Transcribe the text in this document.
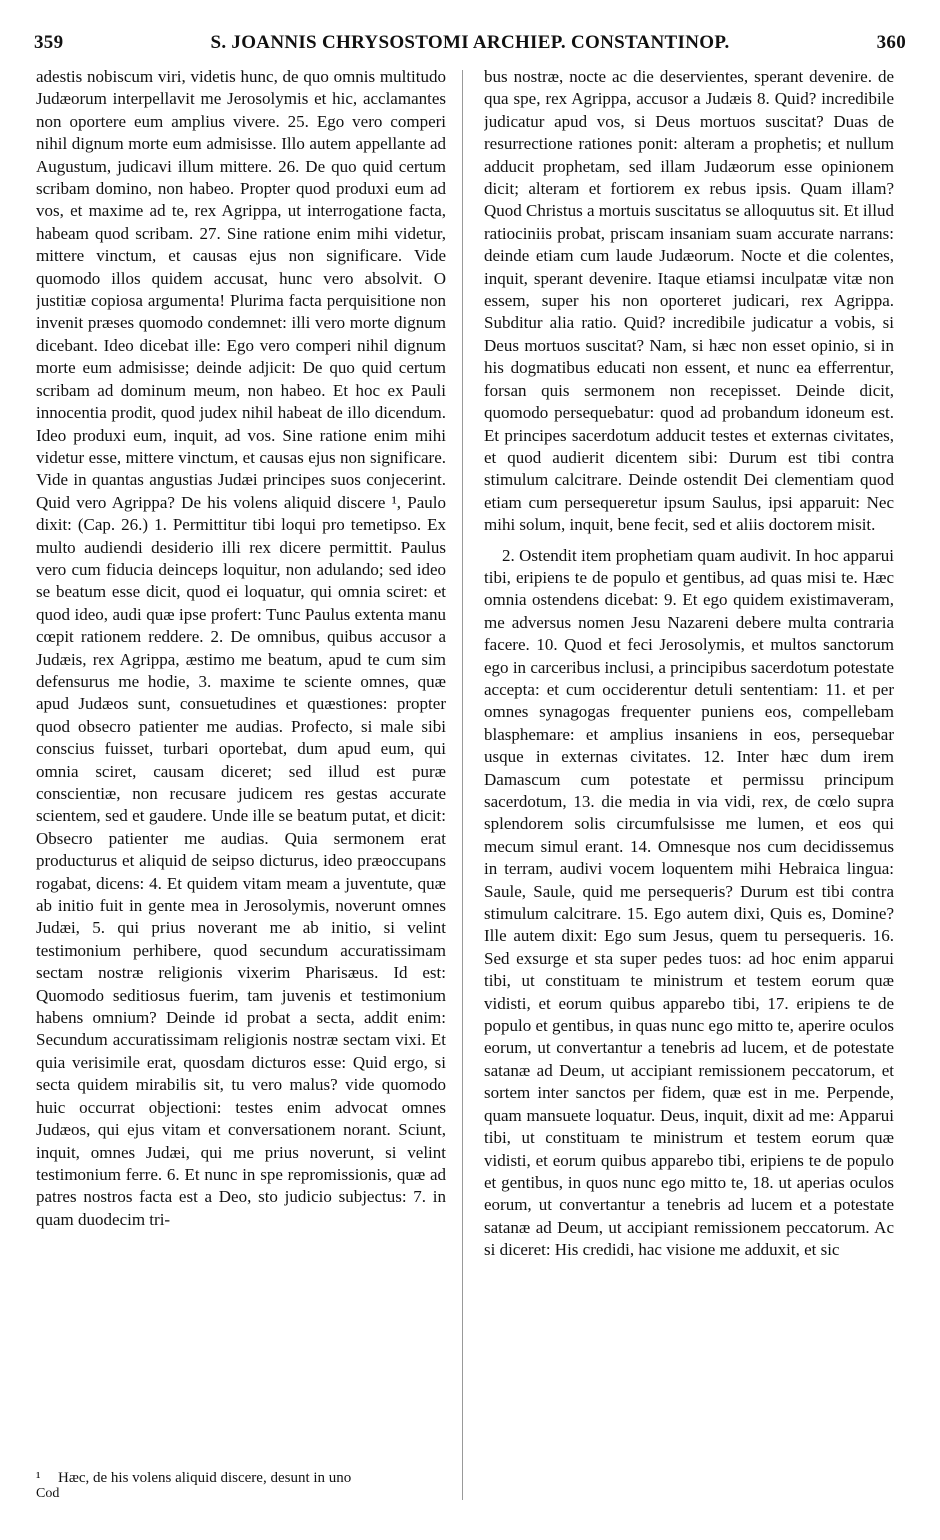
359	S. JOANNIS CHRYSOSTOMI ARCHIEP. CONSTANTINOP.	360

adestis nobiscum viri, videtis hunc, de quo omnis multitudo Judæorum interpellavit me Jerosolymis et hic, acclamantes non oportere eum amplius vivere. 25. Ego vero comperi nihil dignum morte eum admisisse. Illo autem appellante ad Augustum, judicavi illum mittere. 26. De quo quid certum scribam domino, non habeo. Propter quod produxi eum ad vos, et maxime ad te, rex Agrippa, ut interrogatione facta, habeam quod scribam. 27. Sine ratione enim mihi videtur, mittere vinctum, et causas ejus non significare. Vide quomodo illos quidem accusat, hunc vero absolvit. O justitiæ copiosa argumenta! Plurima facta perquisitione non invenit præses quomodo condemnet: illi vero morte dignum dicebant. Ideo dicebat ille: Ego vero comperi nihil dignum morte eum admisisse; deinde adjicit: De quo quid certum scribam ad dominum meum, non habeo. Et hoc ex Pauli innocentia prodit, quod judex nihil habeat de illo dicendum. Ideo produxi eum, inquit, ad vos. Sine ratione enim mihi videtur esse, mittere vinctum, et causas ejus non significare. Vide in quantas angustias Judæi principes suos conjecerint. Quid vero Agrippa? De his volens aliquid discere ¹, Paulo dixit: (Cap. 26.) 1. Permittitur tibi loqui pro temetipso. Ex multo audiendi desiderio illi rex dicere permittit. Paulus vero cum fiducia deinceps loquitur, non adulando; sed ideo se beatum esse dicit, quod ei loquatur, qui omnia sciret: et quod ideo, audi quæ ipse profert: Tunc Paulus extenta manu cœpit rationem reddere. 2. De omnibus, quibus accusor a Judæis, rex Agrippa, æstimo me beatum, apud te cum sim defensurus me hodie, 3. maxime te sciente omnes, quæ apud Judæos sunt, consuetudines et quæstiones: propter quod obsecro patienter me audias. Profecto, si male sibi conscius fuisset, turbari oportebat, dum apud eum, qui omnia sciret, causam diceret; sed illud est puræ conscientiæ, non recusare judicem res gestas accurate scientem, sed et gaudere. Unde ille se beatum putat, et dicit: Obsecro patienter me audias. Quia sermonem erat producturus et aliquid de seipso dicturus, ideo præoccupans rogabat, dicens: 4. Et quidem vitam meam a juventute, quæ ab initio fuit in gente mea in Jerosolymis, noverunt omnes Judæi, 5. qui prius noverant me ab initio, si velint testimonium perhibere, quod secundum accuratissimam sectam nostræ religionis vixerim Pharisæus. Id est: Quomodo seditiosus fuerim, tam juvenis et testimonium habens omnium? Deinde id probat a secta, addit enim: Secundum accuratissimam religionis nostræ sectam vixi. Et quia verisimile erat, quosdam dicturos esse: Quid ergo, si secta quidem mirabilis sit, tu vero malus? vide quomodo huic occurrat objectioni: testes enim advocat omnes Judæos, qui ejus vitam et conversationem norant. Sciunt, inquit, omnes Judæi, qui me prius noverunt, si velint testimonium ferre. 6. Et nunc in spe repromissionis, quæ ad patres nostros facta est a Deo, sto judicio subjectus: 7. in quam duodecim tri-

bus nostræ, nocte ac die deservientes, sperant devenire. de qua spe, rex Agrippa, accusor a Judæis 8. Quid? incredibile judicatur apud vos, si Deus mortuos suscitat? Duas de resurrectione rationes ponit: alteram a prophetis; et nullum adducit prophetam, sed illam Judæorum esse opinionem dicit; alteram et fortiorem ex rebus ipsis. Quam illam? Quod Christus a mortuis suscitatus se alloquutus sit. Et illud ratiociniis probat, priscam insaniam suam accurate narrans: deinde etiam cum laude Judæorum. Nocte et die colentes, inquit, sperant devenire. Itaque etiamsi inculpatæ vitæ non essem, super his non oporteret judicari, rex Agrippa. Subditur alia ratio. Quid? incredibile judicatur a vobis, si Deus mortuos suscitat? Nam, si hæc non esset opinio, si in his dogmatibus educati non essent, et nunc ea efferrentur, forsan quis sermonem non recepisset. Deinde dicit, quomodo persequebatur: quod ad probandum idoneum est. Et principes sacerdotum adducit testes et externas civitates, et quod audierit dicentem sibi: Durum est tibi contra stimulum calcitrare. Deinde ostendit Dei clementiam quod etiam cum persequeretur ipsum Saulus, ipsi apparuit: Nec mihi solum, inquit, bene fecit, sed et aliis doctorem misit.

2. Ostendit item prophetiam quam audivit. In hoc apparui tibi, eripiens te de populo et gentibus, ad quas misi te. Hæc omnia ostendens dicebat: 9. Et ego quidem existimaveram, me adversus nomen Jesu Nazareni debere multa contraria facere. 10. Quod et feci Jerosolymis, et multos sanctorum ego in carceribus inclusi, a principibus sacerdotum potestate accepta: et cum occiderentur detuli sententiam: 11. et per omnes synagogas frequenter puniens eos, compellebam blasphemare: et amplius insaniens in eos, persequebar usque in externas civitates. 12. Inter hæc dum irem Damascum cum potestate et permissu principum sacerdotum, 13. die media in via vidi, rex, de cœlo supra splendorem solis circumfulsisse me lumen, et eos qui mecum simul erant. 14. Omnesque nos cum decidissemus in terram, audivi vocem loquentem mihi Hebraica lingua: Saule, Saule, quid me persequeris? Durum est tibi contra stimulum calcitrare. 15. Ego autem dixi, Quis es, Domine? Ille autem dixit: Ego sum Jesus, quem tu persequeris. 16. Sed exsurge et sta super pedes tuos: ad hoc enim apparui tibi, ut constituam te ministrum et testem eorum quæ vidisti, et eorum quibus apparebo tibi, 17. eripiens te de populo et gentibus, in quas nunc ego mitto te, aperire oculos eorum, ut convertantur a tenebris ad lucem, et de potestate satanæ ad Deum, ut accipiant remissionem peccatorum, et sortem inter sanctos per fidem, quæ est in me. Perpende, quam mansuete loquatur. Deus, inquit, dixit ad me: Apparui tibi, ut constituam te ministrum et testem eorum quæ vidisti, et eorum quibus apparebo tibi, eripiens te de populo et gentibus, in quos nunc ego mitto te, 18. ut aperias oculos eorum, ut convertantur a tenebris ad lucem et a potestate satanæ ad Deum, ut accipiant remissionem peccatorum. Ac si diceret: His credidi, hac visione me adduxit, et sic

¹ Hæc, de his volens aliquid discere, desunt in uno
Cod
